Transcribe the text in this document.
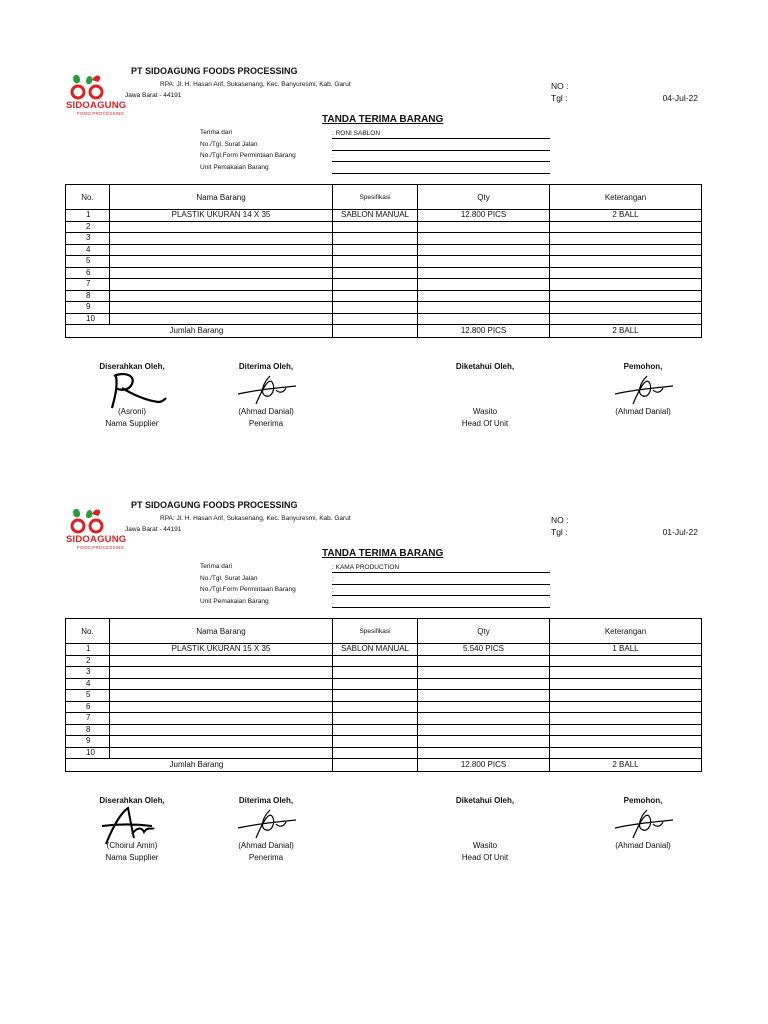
SIDOAGUNG
FOOD PROCESSING
PT SIDOAGUNG FOODS PROCESSING
RPA: Jl. H. Hasan Arif, Sukasenang, Kec. Banyuresmi, Kab. Garut
Jawa Barat - 44191
NO :
Tgl :	04-Jul-22
TANDA TERIMA BARANG
Terima dari	: RONI SABLON
No./Tgl. Surat Jalan	:
No./Tgl.Form Permintaan Barang	:
Unit Pemakaian Barang
No.	Nama Barang	Spesifikasi	Qty	Keterangan
1	PLASTIK UKURAN 14 X 35	SABLON MANUAL	12.800 PICS	2 BALL
2				
3				
4				
5				
6				
7				
8				
9				
10				
	Jumlah Barang		12.800 PICS	2 BALL
Diserahkan Oleh,
(Asroni)
Nama Supplier
Diterima Oleh,
(Ahmad Danial)
Penerima
Diketahui Oleh,
Wasito
Head Of Unit
Pemohon,
(Ahmad Danial)
SIDOAGUNG
FOOD PROCESSING
PT SIDOAGUNG FOODS PROCESSING
RPA: Jl. H. Hasan Arif, Sukasenang, Kec. Banyuresmi, Kab. Garut
Jawa Barat - 44191
NO :
Tgl :	01-Jul-22
TANDA TERIMA BARANG
Terima dari	: KAMA PRODUCTION
No./Tgl. Surat Jalan	:
No./Tgl.Form Permintaan Barang	:
Unit Pemakaian Barang	:
No.	Nama Barang	Spesifikasi	Qty	Keterangan
1	PLASTIK UKURAN 15 X 35	SABLON MANUAL	5.540 PICS	1 BALL
2				
3				
4				
5				
6				
7				
8				
9				
10				
	Jumlah Barang		12.800 PICS	2 BALL
Diserahkan Oleh,
(Choirul Amin)
Nama Supplier
Diterima Oleh,
(Ahmad Danial)
Penerima
Diketahui Oleh,
Wasito
Head Of Unit
Pemohon,
(Ahmad Danial)
